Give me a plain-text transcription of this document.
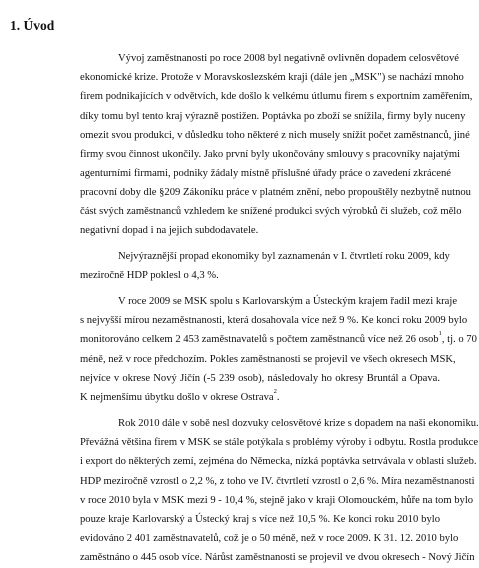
1. Úvod
Vývoj zaměstnanosti po roce 2008 byl negativně ovlivněn dopadem celosvětové
ekonomické krize. Protože v Moravskoslezském kraji (dále jen „MSK") se nachází mnoho
firem podnikajících v odvětvích, kde došlo k velkému útlumu firem s exportním zaměřením,
díky tomu byl tento kraj výrazně postižen. Poptávka po zboží se snížila, firmy byly nuceny
omezit svou produkci, v důsledku toho některé z nich musely snížit počet zaměstnanců, jiné
firmy svou činnost ukončily. Jako první byly ukončovány smlouvy s pracovníky najatými
agenturními firmami, podniky žádaly místně příslušné úřady práce o zavedení zkrácené
pracovní doby dle §209 Zákoníku práce v platném znění, nebo propouštěly nezbytně nutnou
část svých zaměstnanců vzhledem ke snížené produkci svých výrobků či služeb, což mělo
negativní dopad i na jejich subdodavatele.
Nejvýraznější propad ekonomiky byl zaznamenán v I. čtvrtletí roku 2009, kdy
meziročně HDP poklesl o 4,3 %.
V roce 2009 se MSK spolu s Karlovarským a Ústeckým krajem řadil mezi kraje
s nejvyšší mírou nezaměstnanosti, která dosahovala více než 9 %. Ke konci roku 2009 bylo
monitorováno celkem 2 453 zaměstnavatelů s počtem zaměstnanců více než 26 osob$^1$, tj. o 70
méně, než v roce předchozím. Pokles zaměstnanosti se projevil ve všech okresech MSK,
nejvíce v okrese Nový Jičín (-5 239 osob), následovaly ho okresy Bruntál a Opava.
K nejmenšímu úbytku došlo v okrese Ostrava$^2$.
Rok 2010 dále v sobě nesl dozvuky celosvětové krize s dopadem na naši ekonomiku.
Převážná většina firem v MSK se stále potýkala s problémy výroby i odbytu. Rostla produkce
i export do některých zemí, zejména do Německa, nízká poptávka setrvávala v oblasti služeb.
HDP meziročně vzrostl o 2,2 %, z toho ve IV. čtvrtletí vzrostl o 2,6 %. Míra nezaměstnanosti
v roce 2010 byla v MSK mezi 9 - 10,4 %, stejně jako v kraji Olomouckém, hůře na tom bylo
pouze kraje Karlovarský a Ústecký kraj s více než 10,5 %. Ke konci roku 2010 bylo
evidováno 2 401 zaměstnavatelů, což je o 50 méně, než v roce 2009. K 31. 12. 2010 bylo
zaměstnáno o 445 osob více. Nárůst zaměstnanosti se projevil ve dvou okresech - Nový Jičín
